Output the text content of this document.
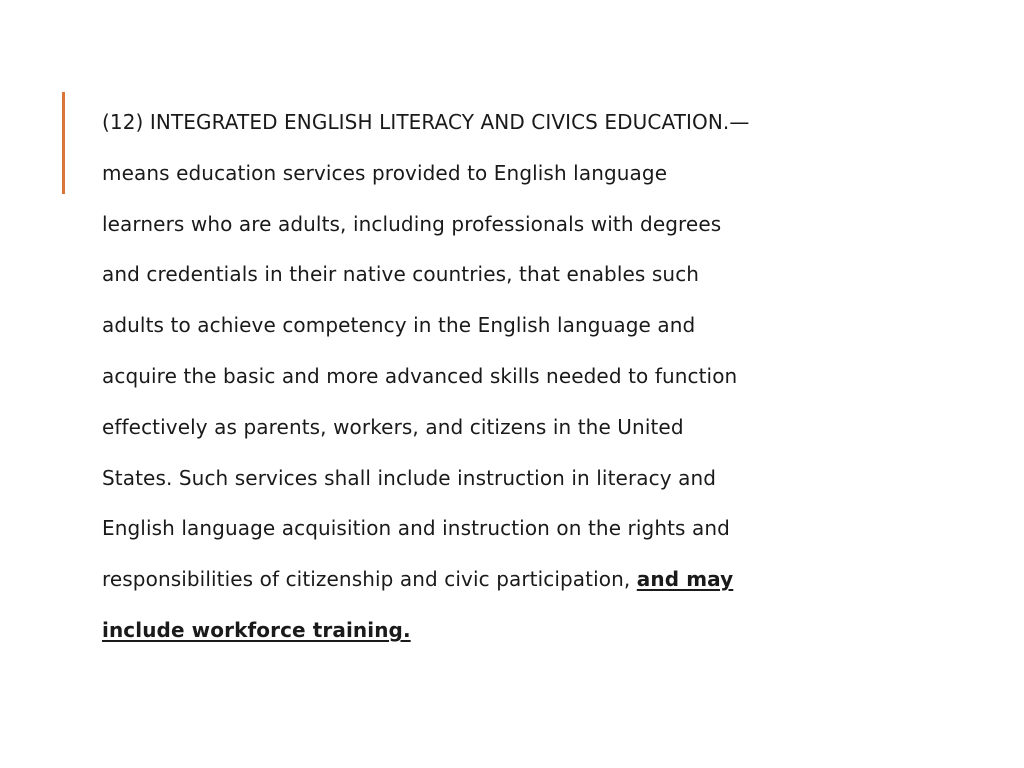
(12) INTEGRATED ENGLISH LITERACY AND CIVICS EDUCATION.—
means education services provided to English language
learners who are adults, including professionals with degrees
and credentials in their native countries, that enables such
adults to achieve competency in the English language and
acquire the basic and more advanced skills needed to function
effectively as parents, workers, and citizens in the United
States. Such services shall include instruction in literacy and
English language acquisition and instruction on the rights and
responsibilities of citizenship and civic participation, and may
include workforce training.
